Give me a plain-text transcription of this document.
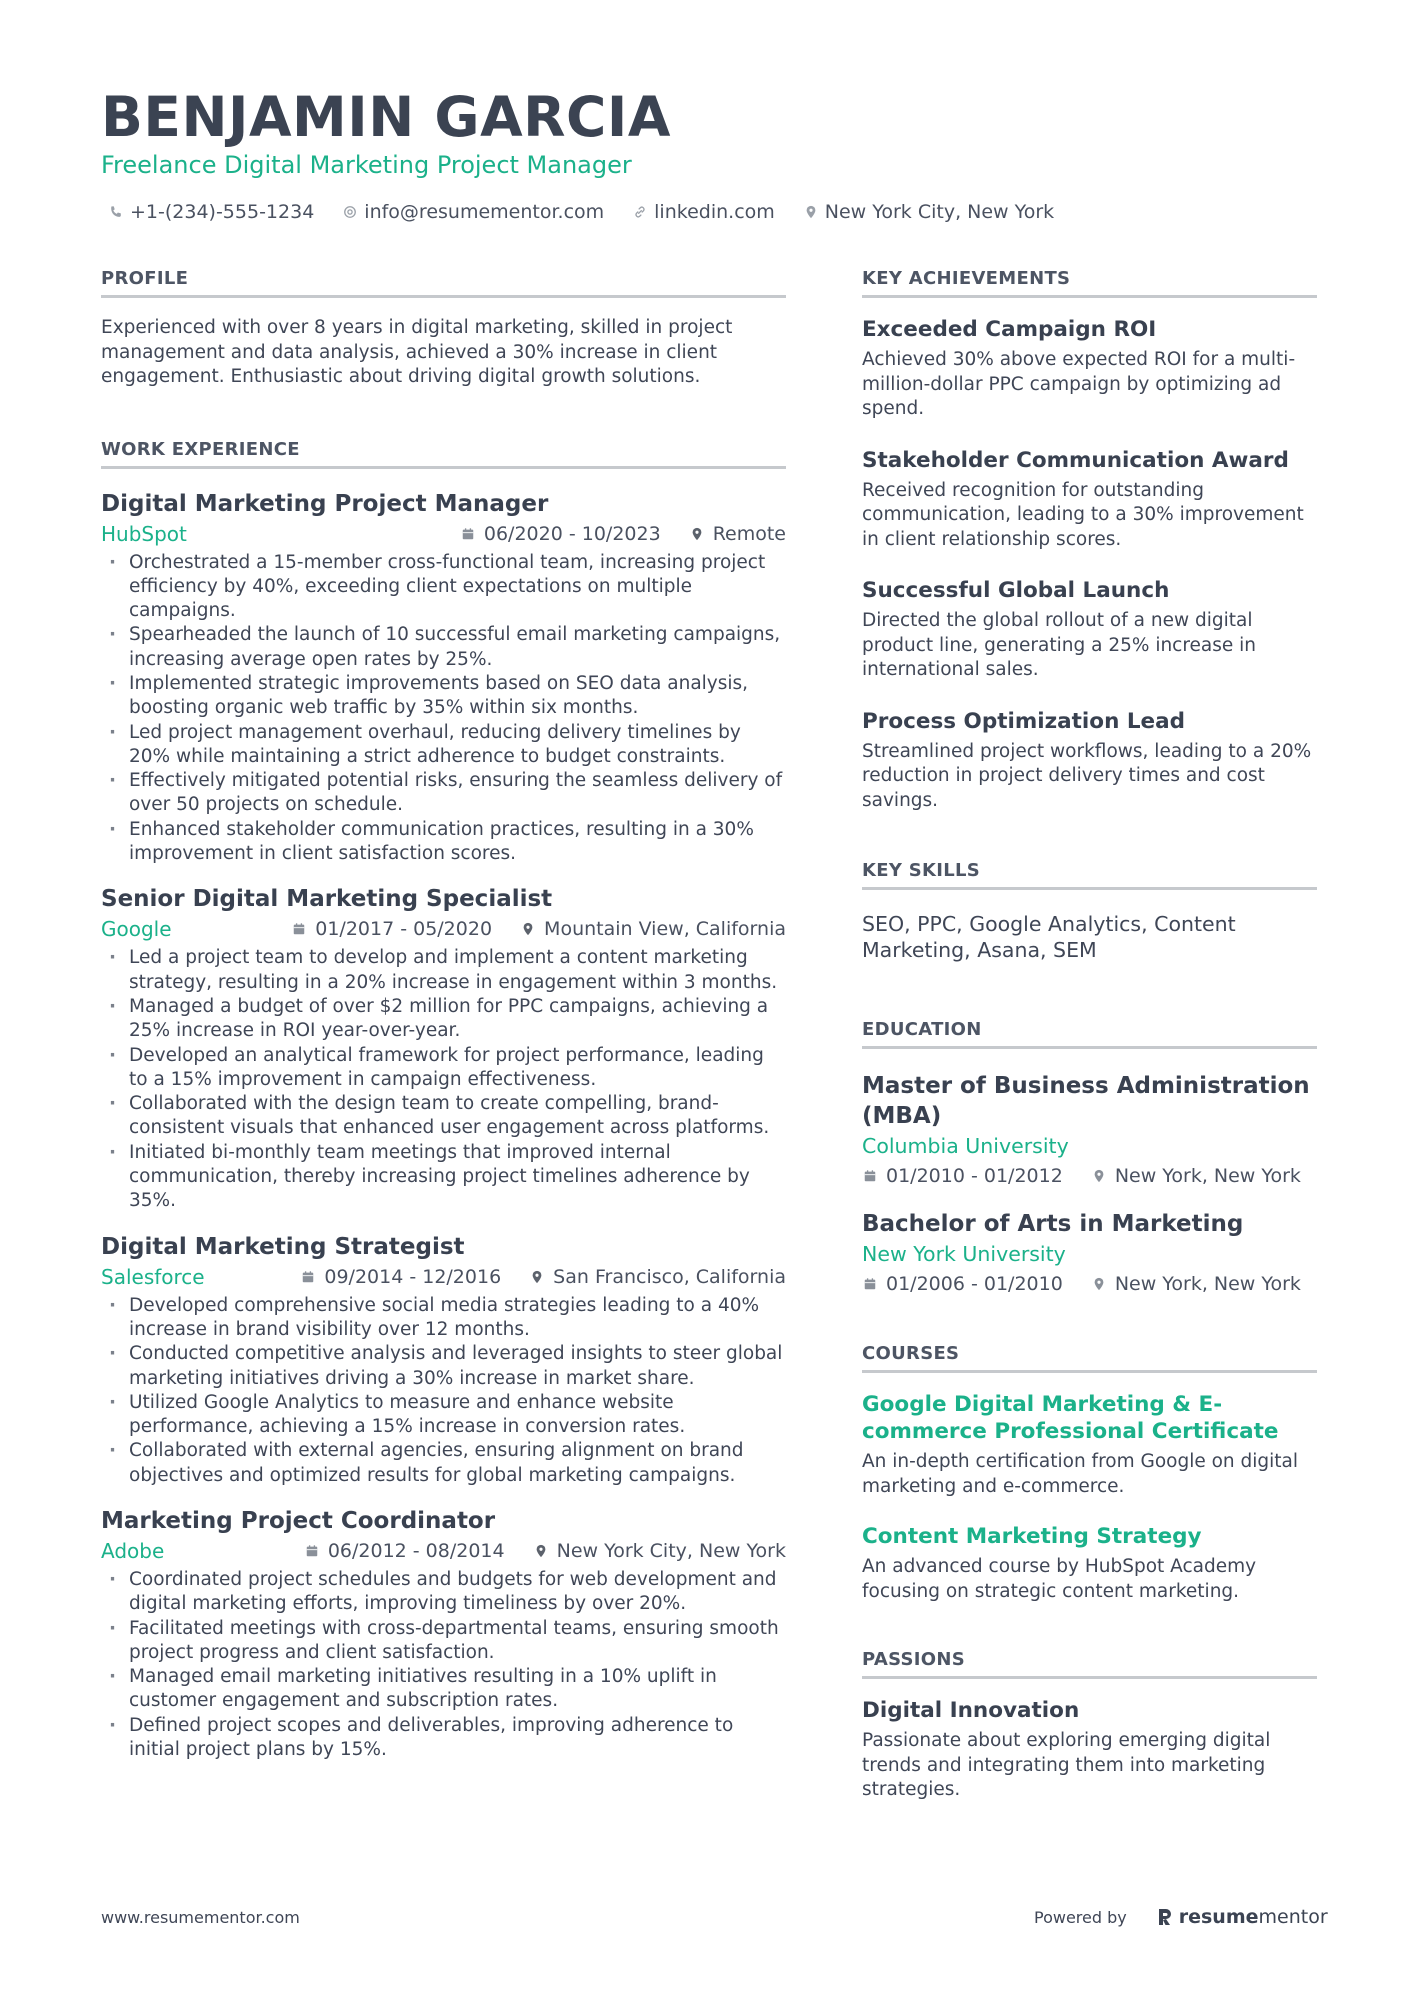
BENJAMIN GARCIA
Freelance Digital Marketing Project Manager
+1-(234)-555-1234	info@resumementor.com	linkedin.com	New York City, New York
PROFILE

Experienced with over 8 years in digital marketing, skilled in project management and data analysis, achieved a 30% increase in client engagement. Enthusiastic about driving digital growth solutions.

WORK EXPERIENCE
Digital Marketing Project Manager
HubSpot	06/2020 - 10/2023	Remote
· Orchestrated a 15-member cross-functional team, increasing project efficiency by 40%, exceeding client expectations on multiple campaigns.
· Spearheaded the launch of 10 successful email marketing campaigns, increasing average open rates by 25%.
· Implemented strategic improvements based on SEO data analysis, boosting organic web traffic by 35% within six months.
· Led project management overhaul, reducing delivery timelines by 20% while maintaining a strict adherence to budget constraints.
· Effectively mitigated potential risks, ensuring the seamless delivery of over 50 projects on schedule.
· Enhanced stakeholder communication practices, resulting in a 30% improvement in client satisfaction scores.
Senior Digital Marketing Specialist
Google	01/2017 - 05/2020	Mountain View, California
· Led a project team to develop and implement a content marketing strategy, resulting in a 20% increase in engagement within 3 months.
· Managed a budget of over $2 million for PPC campaigns, achieving a 25% increase in ROI year-over-year.
· Developed an analytical framework for project performance, leading to a 15% improvement in campaign effectiveness.
· Collaborated with the design team to create compelling, brand-consistent visuals that enhanced user engagement across platforms.
· Initiated bi-monthly team meetings that improved internal communication, thereby increasing project timelines adherence by 35%.
Digital Marketing Strategist
Salesforce	09/2014 - 12/2016	San Francisco, California
· Developed comprehensive social media strategies leading to a 40% increase in brand visibility over 12 months.
· Conducted competitive analysis and leveraged insights to steer global marketing initiatives driving a 30% increase in market share.
· Utilized Google Analytics to measure and enhance website performance, achieving a 15% increase in conversion rates.
· Collaborated with external agencies, ensuring alignment on brand objectives and optimized results for global marketing campaigns.
Marketing Project Coordinator
Adobe	06/2012 - 08/2014	New York City, New York
· Coordinated project schedules and budgets for web development and digital marketing efforts, improving timeliness by over 20%.
· Facilitated meetings with cross-departmental teams, ensuring smooth project progress and client satisfaction.
· Managed email marketing initiatives resulting in a 10% uplift in customer engagement and subscription rates.
· Defined project scopes and deliverables, improving adherence to initial project plans by 15%.
KEY ACHIEVEMENTS
Exceeded Campaign ROI

Achieved 30% above expected ROI for a multi-million-dollar PPC campaign by optimizing ad spend.

Stakeholder Communication Award

Received recognition for outstanding communication, leading to a 30% improvement in client relationship scores.

Successful Global Launch

Directed the global rollout of a new digital product line, generating a 25% increase in international sales.

Process Optimization Lead

Streamlined project workflows, leading to a 20% reduction in project delivery times and cost savings.

KEY SKILLS

SEO, PPC, Google Analytics, Content Marketing, Asana, SEM

EDUCATION
Master of Business Administration (MBA)
Columbia University
01/2010 - 01/2012	New York, New York
Bachelor of Arts in Marketing
New York University
01/2006 - 01/2010	New York, New York
COURSES
Google Digital Marketing & E-commerce Professional Certificate

An in-depth certification from Google on digital marketing and e-commerce.

Content Marketing Strategy

An advanced course by HubSpot Academy focusing on strategic content marketing.

PASSIONS
Digital Innovation

Passionate about exploring emerging digital trends and integrating them into marketing strategies.

www.resumementor.com	Powered by	resumementor
